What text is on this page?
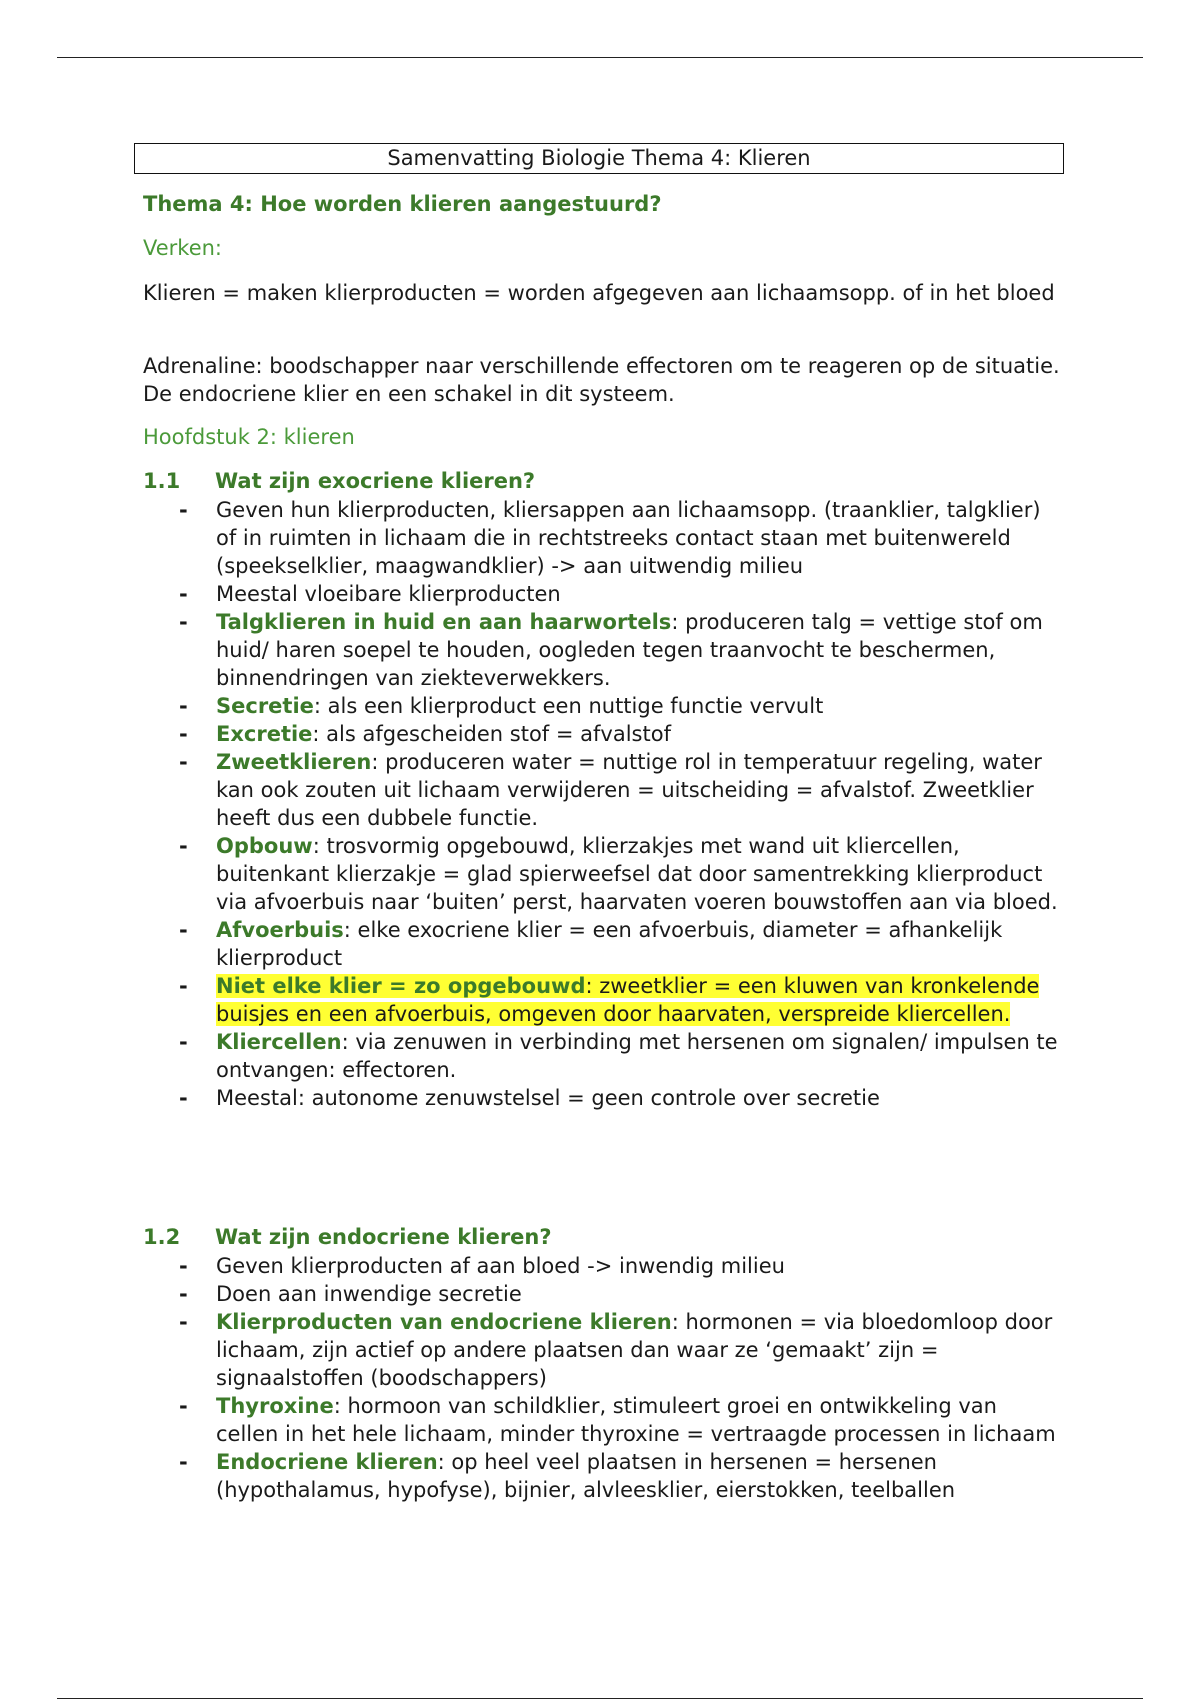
Samenvatting Biologie Thema 4: Klieren
Thema 4: Hoe worden klieren aangestuurd?
Verken:
Klieren = maken klierproducten = worden afgegeven aan lichaamsopp. of in het bloed
Adrenaline: boodschapper naar verschillende effectoren om te reageren op de situatie. De endocriene klier en een schakel in dit systeem.
Hoofdstuk 2: klieren
1.1 Wat zijn exocriene klieren?
- Geven hun klierproducten, kliersappen aan lichaamsopp. (traanklier, talgklier) of in ruimten in lichaam die in rechtstreeks contact staan met buitenwereld (speekselklier, maagwandklier) -> aan uitwendig milieu
- Meestal vloeibare klierproducten
- Talgklieren in huid en aan haarwortels: produceren talg = vettige stof om huid/ haren soepel te houden, oogleden tegen traanvocht te beschermen, binnendringen van ziekteverwekkers.
- Secretie: als een klierproduct een nuttige functie vervult
- Excretie: als afgescheiden stof = afvalstof
- Zweetklieren: produceren water = nuttige rol in temperatuur regeling, water kan ook zouten uit lichaam verwijderen = uitscheiding = afvalstof. Zweetklier heeft dus een dubbele functie.
- Opbouw: trosvormig opgebouwd, klierzakjes met wand uit kliercellen, buitenkant klierzakje = glad spierweefsel dat door samentrekking klierproduct via afvoerbuis naar ‘buiten’ perst, haarvaten voeren bouwstoffen aan via bloed.
- Afvoerbuis: elke exocriene klier = een afvoerbuis, diameter = afhankelijk klierproduct
- Niet elke klier = zo opgebouwd: zweetklier = een kluwen van kronkelende buisjes en een afvoerbuis, omgeven door haarvaten, verspreide kliercellen.
- Kliercellen: via zenuwen in verbinding met hersenen om signalen/ impulsen te ontvangen: effectoren.
- Meestal: autonome zenuwstelsel = geen controle over secretie
1.2 Wat zijn endocriene klieren?
- Geven klierproducten af aan bloed -> inwendig milieu
- Doen aan inwendige secretie
- Klierproducten van endocriene klieren: hormonen = via bloedomloop door lichaam, zijn actief op andere plaatsen dan waar ze ‘gemaakt’ zijn = signaalstoffen (boodschappers)
- Thyroxine: hormoon van schildklier, stimuleert groei en ontwikkeling van cellen in het hele lichaam, minder thyroxine = vertraagde processen in lichaam
- Endocriene klieren: op heel veel plaatsen in hersenen = hersenen (hypothalamus, hypofyse), bijnier, alvleesklier, eierstokken, teelballen
